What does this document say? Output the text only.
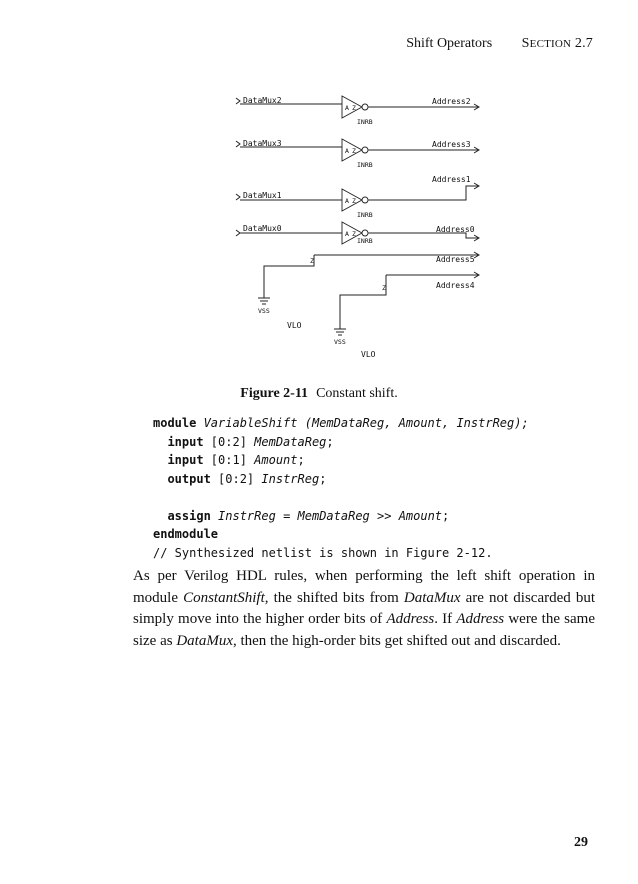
Shift Operators SECTION 2.7
DataMux2
A Z
INRB
Address2
DataMux3
A Z
INRB
Address3
DataMux1
A Z
INRB
Address1
DataMux0
A Z
INRB
Address0
Address5
Z
VSS
VLO
Address4
Z
VSS
VLO
Figure 2-11 Constant shift.
module VariableShift (MemDataReg, Amount, InstrReg);
input [0:2] MemDataReg;
input [0:1] Amount;
output [0:2] InstrReg;

assign InstrReg = MemDataReg >> Amount;
endmodule
// Synthesized netlist is shown in Figure 2-12.
As per Verilog HDL rules, when performing the left shift operation in module ConstantShift, the shifted bits from DataMux are not discarded but simply move into the higher order bits of Address. If Address were the same size as DataMux, then the high-order bits get shifted out and discarded.
29
